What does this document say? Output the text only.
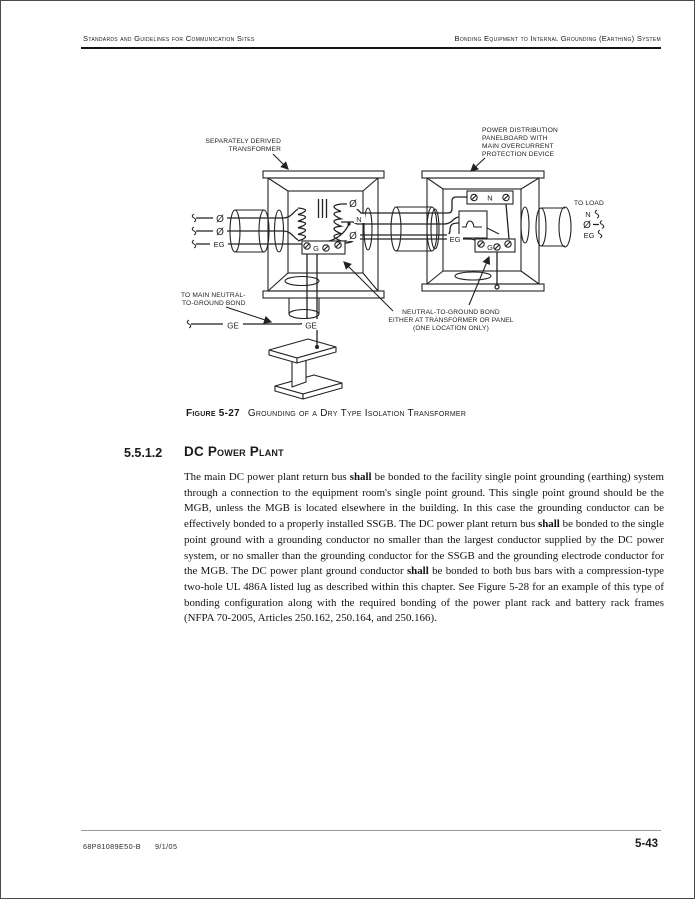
Standards and Guidelines for Communication Sites	Bonding Equipment to Internal Grounding (Earthing) System
G
N
G
Ø
Ø
EG
Ø
N
Ø	EG
GE	GE
TO LOAD
N
Ø
EG
SEPARATELY DERIVED
TRANSFORMER
POWER DISTRIBUTION
PANELBOARD WITH
MAIN OVERCURRENT
PROTECTION DEVICE
TO MAIN NEUTRAL-
TO-GROUND BOND
NEUTRAL-TO-GROUND BOND
EITHER AT TRANSFORMER OR PANEL
(ONE LOCATION ONLY)
Figure 5-27 Grounding of a Dry Type Isolation Transformer
5.5.1.2 DC Power Plant
The main DC power plant return bus shall be bonded to the facility single point grounding (earthing) system through a connection to the equipment room's single point ground. This single point ground should be the MGB, unless the MGB is located elsewhere in the building. In this case the grounding conductor can be effectively bonded to a properly installed SSGB. The DC power plant return bus shall be bonded to the single point ground with a grounding conductor no smaller than the largest conductor supplied by the DC power system, or no smaller than the grounding conductor for the SSGB and the grounding electrode conductor for the MGB. The DC power plant ground conductor shall be bonded to both bus bars with a compression-type two-hole UL 486A listed lug as described within this chapter. See Figure 5-28 for an example of this type of bonding configuration along with the required bonding of the power plant rack and battery rack frames (NFPA 70-2005, Articles 250.162, 250.164, and 250.166).
68P81089E50-B 9/1/05	5-43
